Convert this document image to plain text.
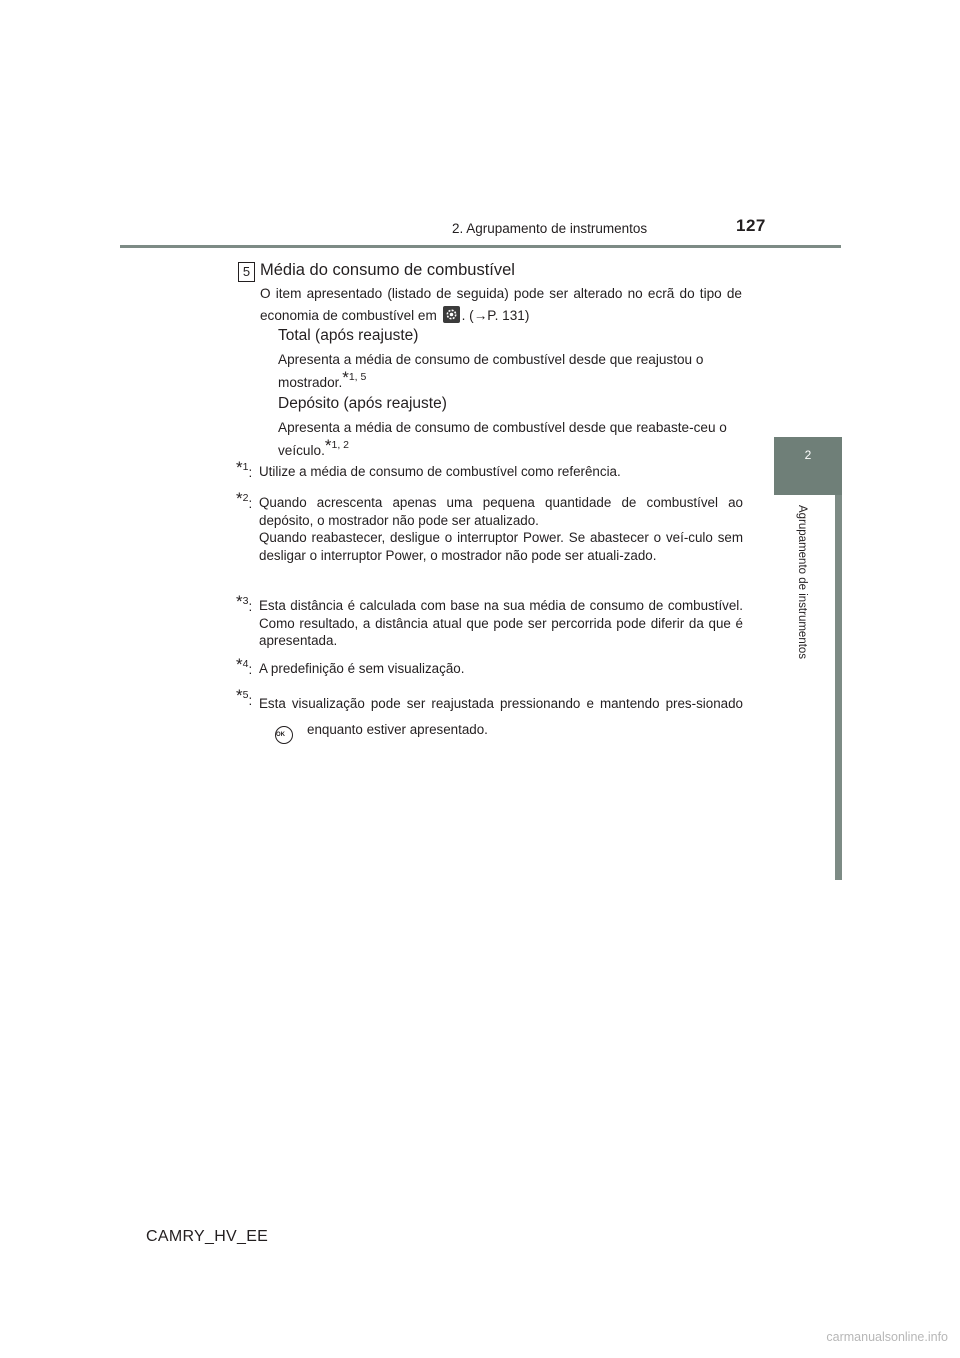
2. Agrupamento de instrumentos	127
2
Agrupamento de instrumentos
5 Média do consumo de combustível
O item apresentado (listado de seguida) pode ser alterado no ecrã do tipo de economia de combustível em
. (→P. 131)
Total (após reajuste)
Apresenta a média de consumo de combustível desde que reajustou o mostrador.$^{*1, 5}$
Depósito (após reajuste)
Apresenta a média de consumo de combustível desde que reabaste-ceu o veículo.$^{*1, 2}$
$^{*1}$: Utilize a média de consumo de combustível como referência.
$^{*2}$: Quando acrescenta apenas uma pequena quantidade de combustível ao depósito, o mostrador não pode ser atualizado.
Quando reabastecer, desligue o interruptor Power. Se abastecer o veí-culo sem desligar o interruptor Power, o mostrador não pode ser atuali-zado.
$^{*3}$: Esta distância é calculada com base na sua média de consumo de combustível. Como resultado, a distância atual que pode ser percorrida pode diferir da que é apresentada.
$^{*4}$: A predefinição é sem visualização.
$^{*5}$: Esta visualização pode ser reajustada pressionando e mantendo pres-sionadoOK enquanto estiver apresentado.
CAMRY_HV_EE
carmanualsonline.info
